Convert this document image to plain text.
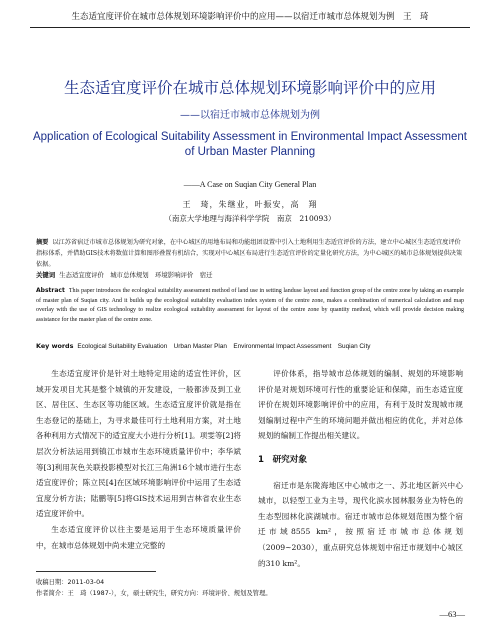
生态适宜度评价在城市总体规划环境影响评价中的应用——以宿迁市城市总体规划为例　王　琦
生态适宜度评价在城市总体规划环境影响评价中的应用
——以宿迁市城市总体规划为例
Application of Ecological Suitability Assessment in Environmental Impact Assessment of Urban Master Planning
——A Case on Suqian City General Plan
王　琦，朱继业，叶振安，高　翔
（南京大学地理与海洋科学学院　南京　210093）
摘要 以江苏省宿迁市城市总体规划为研究对象，在中心城区的用地布局和功能组团设置中引入土地利用生态适宜评价的方法，建立中心城区生态适宜度评价指标体系，并借助GIS技术将数值计算和图形叠置有机结合，实现对中心城区布局进行生态适宜评价的定量化研究方法，为中心城区的城市总体规划提供决策依据。
关键词 生态适宜度评价　城市总体规划　环境影响评价　宿迁
Abstract This paper introduces the ecological suitability assessment method of land use in setting landuse layout and function group of the centre zone by taking an example of master plan of Suqian city. And it builds up the ecological suitability evaluation index system of the centre zone, makes a combination of numerical calculation and map overlay with the use of GIS technology to realize ecological suitability assessment for layout of the centre zone by quantity method, which will provide decision making assistance for the master plan of the centre zone.
Key words Ecological Suitability Evaluation　Urban Master Plan　Environmental Impact Assessment　Suqian City

生态适宜度评价是针对土地特定用途的适宜性评价，区域开发项目尤其是整个城镇的开发建设，一般都涉及到工业区、居住区、生态区等功能区域。生态适宜度评价就是指在生态登记的基础上，为寻求最佳可行土地利用方案，对土地各种利用方式情况下的适宜度大小进行分析[1]。项雯等[2]将层次分析法运用到镇江市城市生态环境质量评价中；李华斌等[3]利用灰色关联投影模型对长江三角洲16个城市进行生态适宜度评价；陈立民[4]在区域环境影响评价中运用了生态适宜度分析方法；陆鹏等[5]将GIS技术运用到吉林省农业生态适宜度评价中。

生态适宜度评价以往主要是运用于生态环境质量评价中，在城市总体规划中尚未建立完整的

评价体系，指导城市总体规划的编制、规划的环境影响评价是对规划环境可行性的重要论证和保障，而生态适宜度评价在规划环境影响评价中的应用，有利于及时发现城市规划编制过程中产生的环境问题并做出相应的优化，并对总体规划的编制工作提出相关建议。

1　研究对象

宿迁市是东陇海地区中心城市之一、苏北地区新兴中心城市，以轻型工业为主导，现代化滨水园林服务业为特色的生态型园林化滨湖城市。宿迁市城市总体规划范围为整个宿迁市域8555 km²，按照宿迁市城市总体规划（2009~2030），重点研究总体规划中宿迁市规划中心城区的310 km²。

收稿日期：2011-03-04
作者简介：王　琦（1987-），女，硕士研究生，研究方向：环境评价、规划及管理。
—63—
